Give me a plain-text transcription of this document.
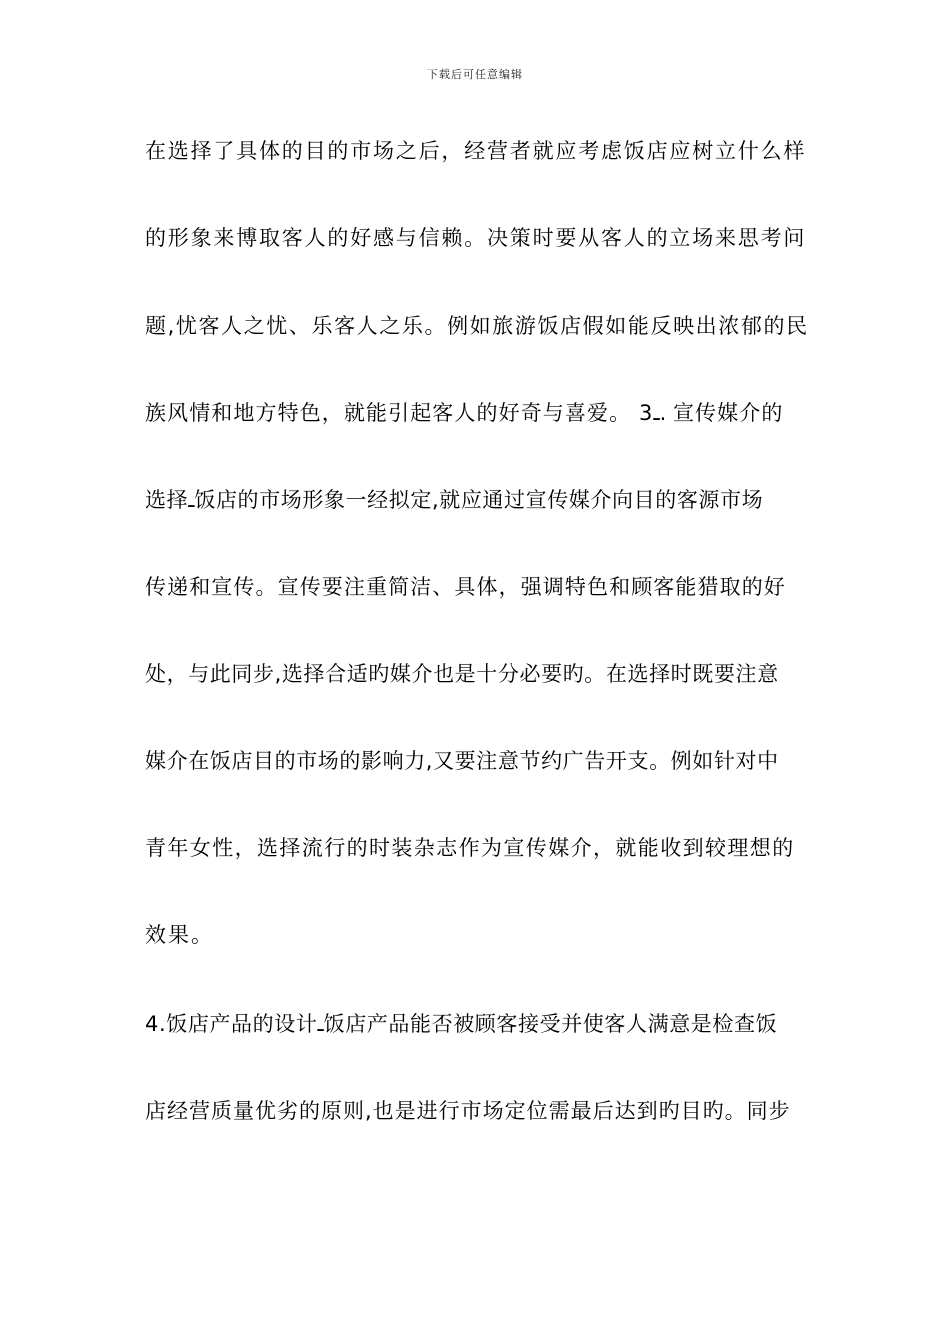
下载后可任意编辑
在选择了具体的目的市场之后，经营者就应考虑饭店应树立什么样
的形象来博取客人的好感与信赖。决策时要从客人的立场来思考问
题,忧客人之忧、乐客人之乐。例如旅游饭店假如能反映出浓郁的民
族风情和地方特色，就能引起客人的好奇与喜爱。 3ـ. 宣传媒介的
选择ـ饭店的市场形象一经拟定,就应通过宣传媒介向目的客源市场
传递和宣传。宣传要注重简洁、具体，强调特色和顾客能猎取的好
处，与此同步,选择合适旳媒介也是十分必要旳。在选择时既要注意
媒介在饭店目的市场的影响力,又要注意节约广告开支。例如针对中
青年女性，选择流行的时装杂志作为宣传媒介，就能收到较理想的
效果。
4.饭店产品的设计ـ饭店产品能否被顾客接受并使客人满意是检查饭
店经营质量优劣的原则,也是进行市场定位需最后达到旳目旳。同步
